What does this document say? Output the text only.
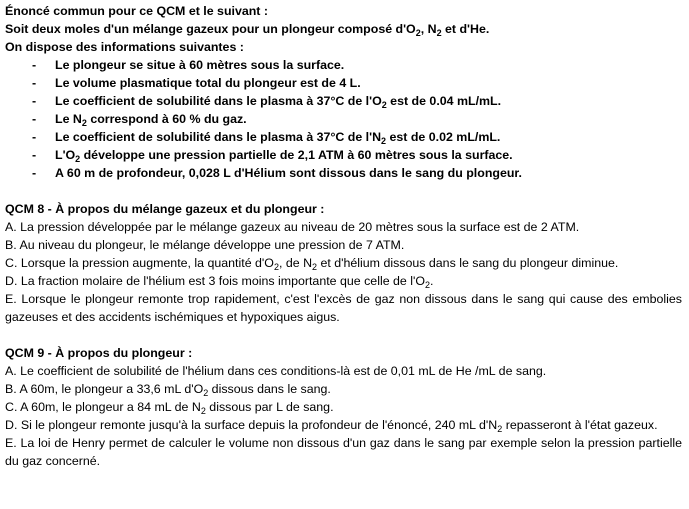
Énoncé commun pour ce QCM et le suivant :
Soit deux moles d'un mélange gazeux pour un plongeur composé $d'O_2$, $N_2$ et d'He.
On dispose des informations suivantes :
- Le plongeur se situe à 60 mètres sous la surface.
- Le volume plasmatique total du plongeur est de 4 L.
- Le coefficient de solubilité dans le plasma à 37°C de $l'O_2$ est de 0.04 mL/mL.
- Le $N_2$ correspond à 60 % du gaz.
- Le coefficient de solubilité dans le plasma à 37°C de $l'N_2$ est de 0.02 mL/mL.
- $L'O_2$ développe une pression partielle de 2,1 ATM à 60 mètres sous la surface.
- A 60 m de profondeur, 0,028 L d'Hélium sont dissous dans le sang du plongeur.
QCM 8 - À propos du mélange gazeux et du plongeur :
A. La pression développée par le mélange gazeux au niveau de 20 mètres sous la surface est de 2 ATM.
B. Au niveau du plongeur, le mélange développe une pression de 7 ATM.
C. Lorsque la pression augmente, la quantité $d'O_2$, de $N_2$ et d'hélium dissous dans le sang du plongeur diminue.
D. La fraction molaire de l'hélium est 3 fois moins importante que celle de $l'O_2$.
E. Lorsque le plongeur remonte trop rapidement, c'est l'excès de gaz non dissous dans le sang qui cause des embolies gazeuses et des accidents ischémiques et hypoxiques aigus.
QCM 9 - À propos du plongeur :
A. Le coefficient de solubilité de l'hélium dans ces conditions-là est de 0,01 mL de He /mL de sang.
B. A 60m, le plongeur a 33,6 mL $d'O_2$ dissous dans le sang.
C. A 60m, le plongeur a 84 mL de $N_2$ dissous par L de sang.
D. Si le plongeur remonte jusqu'à la surface depuis la profondeur de l'énoncé, 240 mL $d'N_2$ repasseront à l'état gazeux.
E. La loi de Henry permet de calculer le volume non dissous d'un gaz dans le sang par exemple selon la pression partielle du gaz concerné.
